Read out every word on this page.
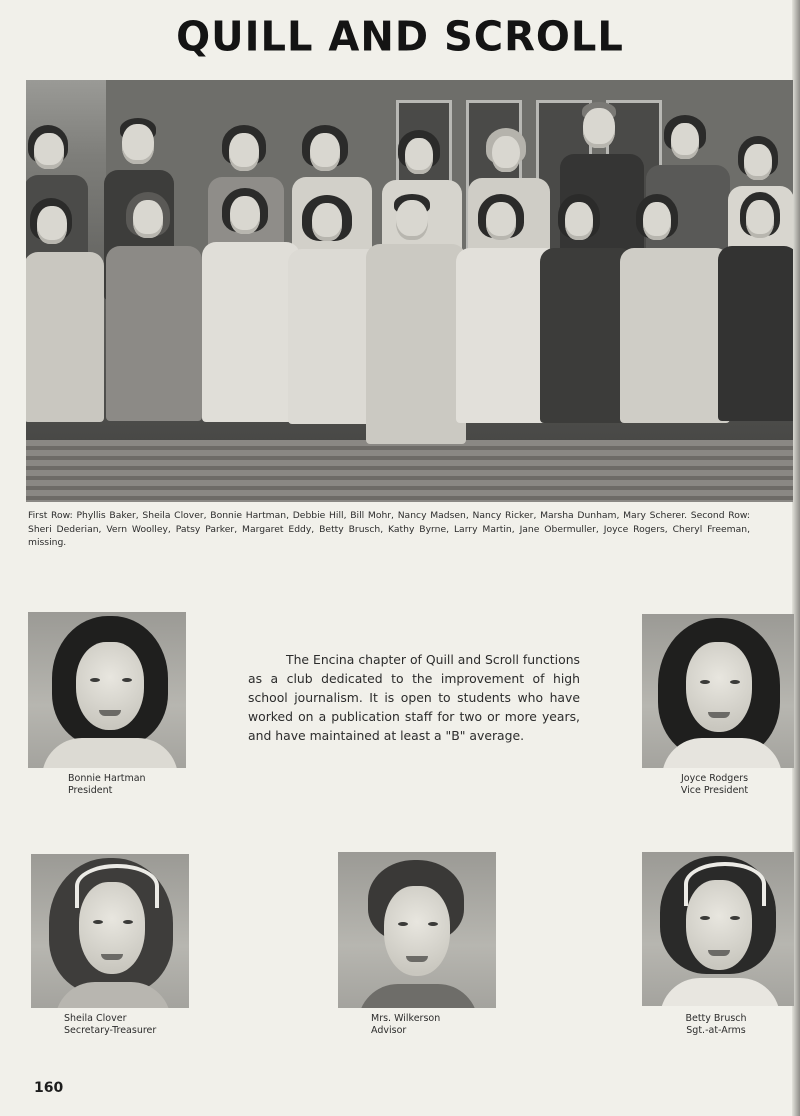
QUILL AND SCROLL
First Row: Phyllis Baker, Sheila Clover, Bonnie Hartman, Debbie Hill, Bill Mohr, Nancy Madsen, Nancy Ricker, Marsha Dunham, Mary Scherer. Second Row: Sheri Dederian, Vern Woolley, Patsy Parker, Margaret Eddy, Betty Brusch, Kathy Byrne, Larry Martin, Jane Obermuller, Joyce Rogers, Cheryl Freeman, missing.
Bonnie Hartman
President
The Encina chapter of Quill and Scroll functions as a club dedicated to the improvement of high school journalism. It is open to students who have worked on a publication staff for two or more years, and have maintained at least a "B" average.
Joyce Rodgers
Vice President
Sheila Clover
Secretary-Treasurer
Mrs. Wilkerson
Advisor
Betty Brusch
Sgt.-at-Arms
160
